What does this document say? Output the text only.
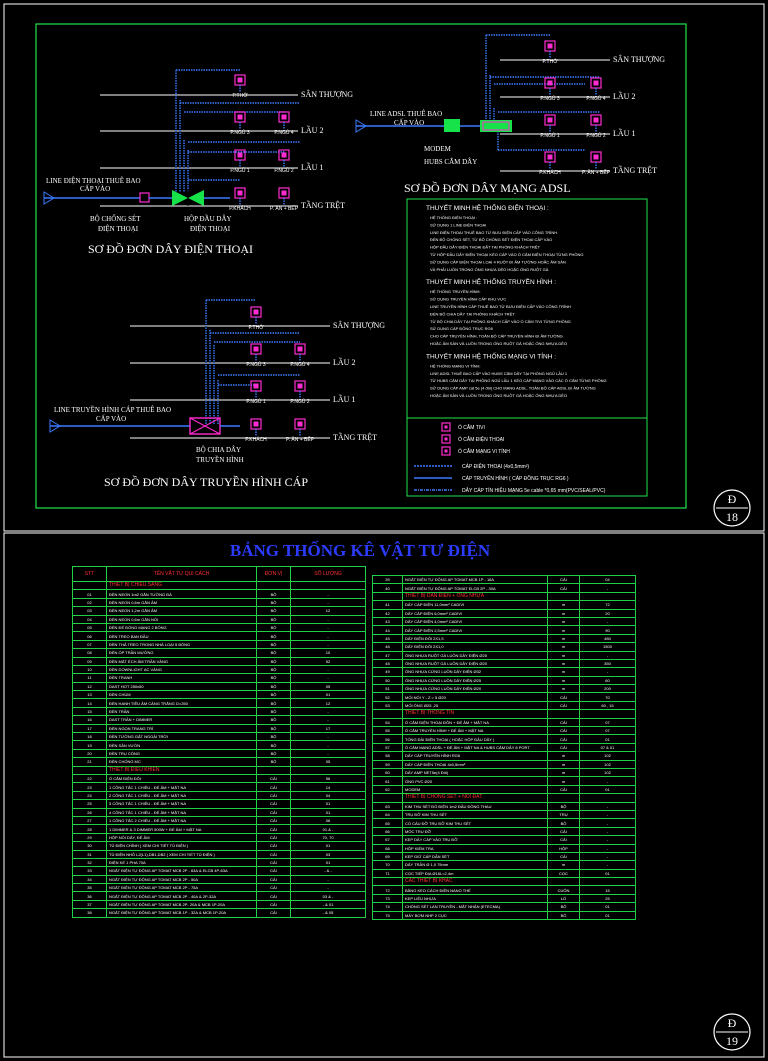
Đ
18
Đ
19
SÂN THƯỢNG
LẦU 2
LẦU 1
TẦNG TRỆT
P.THỜ
P.NGỦ 3	P.NGỦ 4
P.NGỦ 1	P.NGỦ 2
P.KHÁCH	P. ĂN + BẾP
LINE ĐIỆN THOẠI THUÊ BAO
CẤP VÀO
BỘ CHỐNG SÉT
ĐIỆN THOẠI
HỘP ĐẦU DÂY
ĐIỆN THOẠI
SƠ ĐỒ ĐƠN DÂY ĐIỆN THOẠI
SÂN THƯỢNG
LẦU 2
LẦU 1
TẦNG TRỆT
P.THỜ
P.NGỦ 3	P.NGỦ 4
P.NGỦ 1	P.NGỦ 2
P.KHÁCH	P. ĂN + BẾP
LINE ADSL THUÊ BAO
CẤP VÀO
MODEM
HUBS CẮM DÂY
SƠ ĐỒ ĐƠN DÂY MẠNG ADSL
SÂN THƯỢNG
LẦU 2
LẦU 1
TẦNG TRỆT
P.THỜ
P.NGỦ 3	P.NGỦ 4
P.NGỦ 1	P.NGỦ 2
P.KHÁCH	P. ĂN + BẾP
LINE TRUYỀN HÌNH CÁP THUÊ BAO
CẤP VÀO
BỘ CHIA DÂY
TRUYỀN HÌNH
SƠ ĐỒ ĐƠN DÂY TRUYỀN HÌNH CÁP
THUYẾT MINH HỆ THỐNG ĐIỆN THOẠI :
HỆ THỐNG ĐIỆN THOẠI :
SỬ DỤNG 1 LINE ĐIỆN THOẠI
LINE ĐIỆN THOẠI THUÊ BAO TỪ BƯU ĐIỆN CẤP VÀO CÔNG TRÌNH
ĐẾN BỘ CHỐNG SÉT, TỪ BỘ CHỐNG SÉT ĐIỆN THOẠI CẤP VÀO
HỘP ĐẦU DÂY ĐIỆN THOẠI ĐẶT TẠI PHÒNG KHÁCH TRỆT
TỪ HỘP ĐẦU DÂY ĐIỆN THOẠI KÉO CÁP VÀO Ổ CẮM ĐIỆN THOẠI TỪNG PHÒNG
SỬ DỤNG CÁP ĐIỆN THOẠI LOẠI 4 RUỘT ĐI ÂM TƯỜNG HOẶC ÂM SÀN
VÀ PHẢI LUỒN TRONG ỐNG NHỰA DẺO HOẶC ỐNG RUỘT GÀ
THUYẾT MINH HỆ THỐNG TRUYỀN HÌNH :
HỆ THỐNG TRUYỀN HÌNH:
SỬ DỤNG TRUYỀN HÌNH CÁP KHU VỰC
LINE TRUYỀN HÌNH CÁP THUÊ BAO TỪ BƯU ĐIỆN CẤP VÀO CÔNG TRÌNH
ĐẾN BỘ CHIA DÂY TẠI PHÒNG KHÁCH TRỆT
TỪ BỘ CHIA DÂY TẠI PHÒNG KHÁCH CẤP VÀO Ổ CẮM TIVI TỪNG PHÒNG
SỬ DỤNG CÁP ĐỒNG TRỤC RG6
CHO CÁP TRUYỀN HÌNH, TOÀN BỘ CÁP TRUYỀN HÌNH ĐI ÂM TƯỜNG
HOẶC ÂM SÀN VÀ LUỒN TRONG ỐNG RUỘT GÀ HOẶC ỐNG NHỰA DẺO
THUYẾT MINH HỆ THỐNG MẠNG VI TÍNH :
HỆ THỐNG MẠNG VI TÍNH:
LINE ADSL THUÊ BAO CẤP VÀO HUBS CẮM DÂY TẠI PHÒNG NGỦ LẦU 1
TỪ HUBS CẮM DÂY TẠI PHÒNG NGỦ LẦU 1 KÉO CÁP MẠNG VÀO CÁC Ổ CẮM TỪNG PHÒNG
SỬ DỤNG CÁP AMP cat 5e (4 đôi) CHO MẠNG ADSL. TOÀN BỘ CÁP ADSL ĐI ÂM TƯỜNG
HOẶC ÂM SÀN VÀ LUỒN TRONG ỐNG RUỘT GÀ HOẶC ỐNG NHỰA DẺO
Ổ CẮM TIVI
Ổ CẮM ĐIỆN THOẠI
Ổ CẮM MẠNG VI TÍNH
CÁP ĐIỆN THOẠI (4x0,5mm²)
CÁP TRUYỀN HÌNH ( CÁP ĐỒNG TRỤC RG6 )
DÂY CÁP TÍN HIỆU MẠNG 5e cable *0,65 mm(PVC/SEAL/PVC)
BẢNG THỐNG KÊ VẬT TƯ ĐIỆN
STT	TÊN VẬT TƯ QUI CÁCH	ĐƠN VỊ	SỐ LƯỢNG
	THIẾT BỊ CHIẾU SÁNG		
01	ĐÈN NEON 1m2 GẮN TƯỜNG ĐÁ	BỘ	-
02	ĐÈN NEON 0,6m GẮN ÂM	BỘ	-
03	ĐÈN NEON 1,2m GẮN ÂM	BỘ	12
04	ĐÈN NEON 0,6m GẮN NỔI	BỘ	-
05	ĐÈN ĐẾ ĐỒNG MẠNG 2 BÓNG	BỘ	-
06	ĐÈN TREO BAN ĐẦU	BỘ	-
07	ĐÈN THẢ TREO TRONG NHÀ LOẠI 5 BÓNG	BỘ	-
08	ĐÈN ỐP TRẦN MƯỜNG	BỘ	10
09	ĐÈN MẮT ẾCH ÂM TRẦN VÀNG	BỘ	52
10	ĐÈN DOWNLIGHT AC VÀNG	BỘ	-
11	ĐÈN TRANH	BỘ	-
12	DAST HƠT 250x50	BỘ	05
13	ĐÈN CHÙM	BỘ	01
14	ĐÈN HANH TIÊU ÂM CÁNG TRĂNG D=250	BỘ	12
15	ĐÈN TRẦN	BỘ	-
16	DAST TRẦN + DIMMER	BỘ	-
17	ĐÈN NGỌN TRANG TRÍ	BỘ	17
18	ĐÈN TƯỜNG GẮT NGOÀI TRỜI	BỘ	-
19	ĐÈN SÂN VƯỜN	BỘ	-
20	ĐÈN TRỤ CỔNG	BỘ	-
21	ĐÈN CHỐNG MC	BỘ	05
	THIẾT BỊ ĐIỀU KHIỂN		
22	Ổ CẮM ĐIỆN ĐÔI	CÁI	56
23	1 CÔNG TẮC 1 CHIỀU - ĐẾ ÂM + MẶT NA	CÁI	14
24	2 CÔNG TẮC 1 CHIỀU - ĐẾ ÂM + MẶT NA	CÁI	04
25	3 CÔNG TẮC 1 CHIỀU - ĐẾ ÂM + MẶT NA	CÁI	01
26	4 CÔNG TẮC 1 CHIỀU - ĐẾ ÂM + MẶT NA	CÁI	01
27	1 CÔNG TẮC 2 CHIỀU - ĐẾ ÂM + MẶT NA	CÁI	06
28	1 DIMMER & 3 DIMMER 500W + ĐẾ ÂM + MẶT NA	CÁI	01 & -
29	HỘP NỐI DÂY, ĐẾ ÂM	CÁI	70, 70
30	TỦ ĐIỆN CHÍNH ( XEM CHI TIẾT TỦ ĐIỆN )	CÁI	01
31	TỦ ĐIỆN NHỎ L2(L1),DB1,DB2 ( XEM CHI TIẾT TỦ ĐIỆN )	CÁI	03
32	ĐIỆN KẾ 1 PHA 70A	CÁI	01
33	NGẮT ĐIỆN TỰ ĐỘNG AP TOMAT MCB 2P - 63A & ELCB 4P-63A	CÁI	- & -
34	NGẮT ĐIỆN TỰ ĐỘNG AP TOMAT MCB 2P - 50A	CÁI	-
35	NGẮT ĐIỆN TỰ ĐỘNG AP TOMAT MCB 2P - 75A	CÁI	-
36	NGẮT ĐIỆN TỰ ĐỘNG AP TOMAT MCB 2P - 40A & 2P-32A	CÁI	03 & -
37	NGẮT ĐIỆN TỰ ĐỘNG AP TOMAT MCB 2P- 20A & MCB 1P-20A	CÁI	- & 01
38	NGẮT ĐIỆN TỰ ĐỘNG AP TOMAT MCB 1P - 32A & MCB 1P-20A	CÁI	- & 05
39	NGẮT ĐIỆN TỰ ĐỘNG AP TOMAT MCB 1P - 16A	CÁI	04
40	NGẮT ĐIỆN TỰ ĐỘNG AP TOMAT ELCB 2P - 30A	CÁI	-
	THIẾT BỊ DẪN ĐIỆN + ỐNG NHỰA		
41	DÂY CÁP ĐIỆN 11,0mm² CADIVI	m	72
42	DÂY CÁP ĐIỆN 6,0mm² CADIVI	m	20
43	DÂY CÁP ĐIỆN 4,0mm² CADIVI	m	-
44	DÂY CÁP ĐIỆN 2,5mm² CADIVI	m	90
45	DÂY ĐIỆN ĐÔI 2X1,5	m	480
46	DÂY ĐIỆN ĐÔI 2X1,0	m	1500
47	ỐNG NHỰA RUỘT GÀ LUỒN DÂY ĐIỆN Ø25	m	-
48	ỐNG NHỰA RUỘT GÀ LUỒN DÂY ĐIỆN Ø20	m	350
49	ỐNG NHỰA CỨNG LUỒN DÂY ĐIỆN Ø32	m	-
50	ỐNG NHỰA CỨNG LUỒN DÂY ĐIỆN Ø25	m	60
51	ỐNG NHỰA CỨNG LUỒN DÂY ĐIỆN Ø20	m	200
52	MỐI NỐI Y - Z = 5 Ø20	CÁI	70
53	MỐI ỐNG Ø25 ,25	CÁI	60 , 15
	THIẾT BỊ THÔNG TIN		
54	Ổ CẮM ĐIỆN THOẠI ĐÔN + ĐẾ ÂM + MẶT NA	CÁI	07
55	Ổ CẮM TRUYỀN HÌNH + ĐẾ ÂM + MẶT NA	CÁI	07
56	TỔNG ĐÀI ĐIỆN THOẠI ( HOẶC HỘP ĐẦU DÂY )	CÁI	01
57	Ổ CẮM MẠNG ADSL + ĐẾ ÂM + MẶT NA & HUBS CẮM DÂY 8 PORT	CÁI	07 & 01
58	DÂY CÁP TRUYỀN HÌNH RG6	m	102
59	DÂY CÁP ĐIỆN THOẠI 4x0,5mm²	m	102
60	DÂY AMP NET5e(4 Đôi)	m	102
61	ỐNG PVC Ø20	m	-
62	MODEM	CÁI	01
	THIẾT BỊ CHỐNG SÉT + NỐI ĐẤT		
63	KIM THU SÉT ĐỒ ĐIỆN 1m2 ĐẦU ĐỒNG THAU	BỘ	-
64	TRỤ ĐỠ KIM THU SÉT	TRỤ	-
65	CỔ CÁU ĐỠ TRỤ ĐỠ KIM THU SÉT	BỘ	-
66	MÓC TRỤ ĐỠ	CÁI	-
67	KẸP DÂY CÁP VÀO TRỤ ĐỠ	CÁI	-
68	HỘP KIỂM TRA	HỘP	-
69	KẸP GIỮ CÁP DẪN SÉT	CÁI	-
70	DÂY TRẦN Ø 1,0 75mm	m	-
71	CỌC TIẾP ĐỊA Ø16L=2,4m	CỌC	01
	CÁC THIẾT BỊ KHÁC		
72	BĂNG KEO CÁCH ĐIỆN NANO THẾ	CUỘN	15
73	KẸP LIỆU NHỰA	LỐ	25
74	CHỐNG SÉT LAN TRUYỀN - MẶT NHẬN (ETECMA)	BỘ	01
75	MÁY BƠM NHP 2 CỤC	BỘ	01
